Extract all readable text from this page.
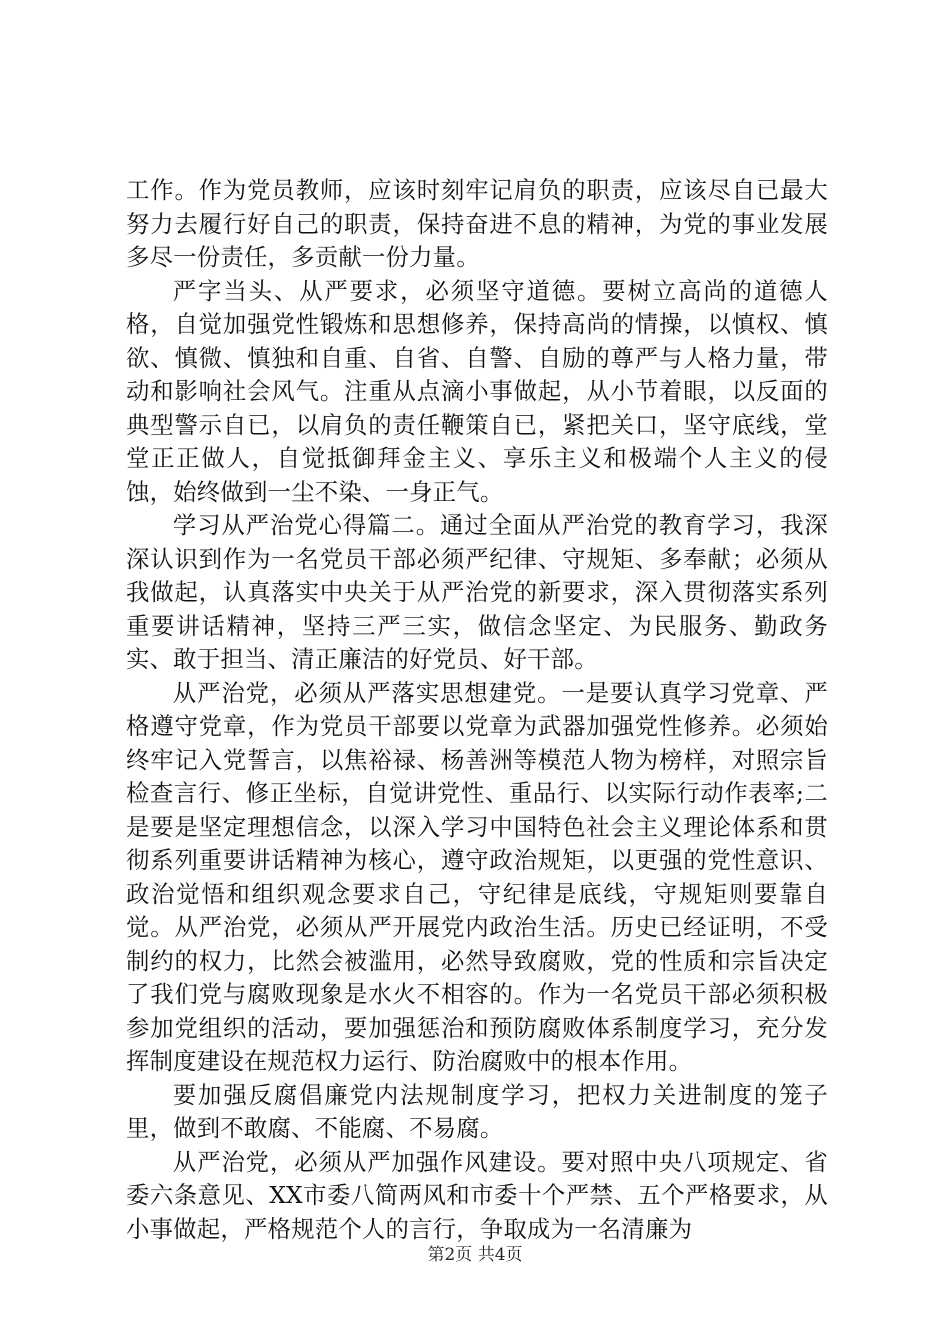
工作。作为党员教师，应该时刻牢记肩负的职责，应该尽自已最大努力去履行好自己的职责，保持奋进不息的精神，为党的事业发展多尽一份责任，多贡献一份力量。

严字当头、从严要求，必须坚守道德。要树立高尚的道德人格，自觉加强党性锻炼和思想修养，保持高尚的情操，以慎权、慎欲、慎微、慎独和自重、自省、自警、自励的尊严与人格力量，带动和影响社会风气。注重从点滴小事做起，从小节着眼，以反面的典型警示自已，以肩负的责任鞭策自已，紧把关口，坚守底线，堂堂正正做人，自觉抵御拜金主义、享乐主义和极端个人主义的侵蚀，始终做到一尘不染、一身正气。

学习从严治党心得篇二。通过全面从严治党的教育学习，我深深认识到作为一名党员干部必须严纪律、守规矩、多奉献；必须从我做起，认真落实中央关于从严治党的新要求，深入贯彻落实系列重要讲话精神，坚持三严三实，做信念坚定、为民服务、勤政务实、敢于担当、清正廉洁的好党员、好干部。

从严治党，必须从严落实思想建党。一是要认真学习党章、严格遵守党章，作为党员干部要以党章为武器加强党性修养。必须始终牢记入党誓言，以焦裕禄、杨善洲等模范人物为榜样，对照宗旨检查言行、修正坐标，自觉讲党性、重品行、以实际行动作表率;二是要是坚定理想信念，以深入学习中国特色社会主义理论体系和贯彻系列重要讲话精神为核心，遵守政治规矩，以更强的党性意识、政治觉悟和组织观念要求自己，守纪律是底线，守规矩则要靠自觉。从严治党，必须从严开展党内政治生活。历史已经证明，不受制约的权力，比然会被滥用，必然导致腐败，党的性质和宗旨决定了我们党与腐败现象是水火不相容的。作为一名党员干部必须积极参加党组织的活动，要加强惩治和预防腐败体系制度学习，充分发挥制度建设在规范权力运行、防治腐败中的根本作用。

要加强反腐倡廉党内法规制度学习，把权力关进制度的笼子里，做到不敢腐、不能腐、不易腐。

从严治党，必须从严加强作风建设。要对照中央八项规定、省委六条意见、XX市委八简两风和市委十个严禁、五个严格要求，从小事做起，严格规范个人的言行，争取成为一名清廉为

第2页 共4页
